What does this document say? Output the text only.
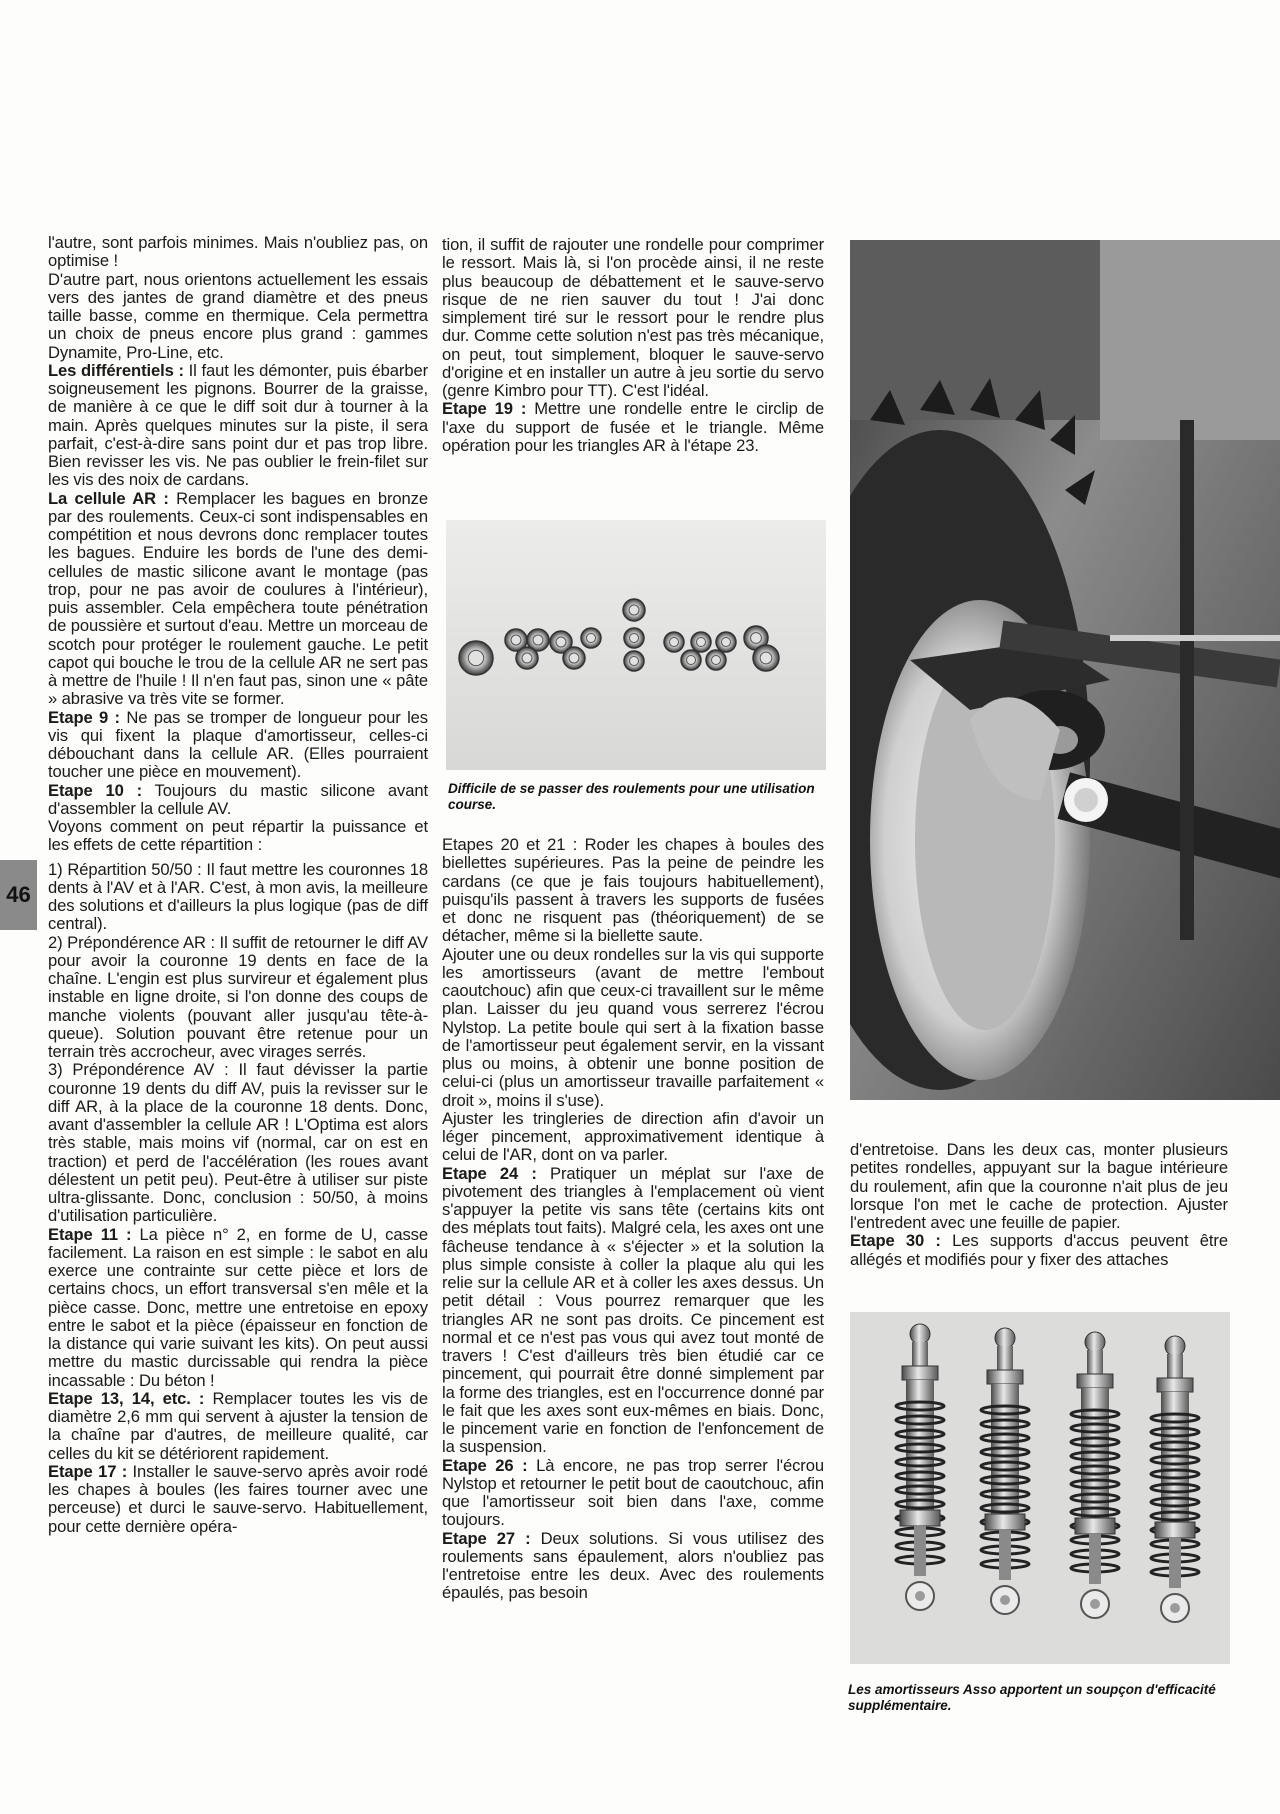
46

l'autre, sont parfois minimes. Mais n'oubliez pas, on optimise !

D'autre part, nous orientons actuellement les essais vers des jantes de grand diamètre et des pneus taille basse, comme en thermique. Cela permettra un choix de pneus encore plus grand : gammes Dynamite, Pro-Line, etc.

Les différentiels : Il faut les démonter, puis ébarber soigneusement les pignons. Bourrer de la graisse, de manière à ce que le diff soit dur à tourner à la main. Après quelques minutes sur la piste, il sera parfait, c'est-à-dire sans point dur et pas trop libre. Bien revisser les vis. Ne pas oublier le frein-filet sur les vis des noix de cardans.

La cellule AR : Remplacer les bagues en bronze par des roulements. Ceux-ci sont indispensables en compétition et nous devrons donc remplacer toutes les bagues. Enduire les bords de l'une des demi-cellules de mastic silicone avant le montage (pas trop, pour ne pas avoir de coulures à l'intérieur), puis assembler. Cela empêchera toute pénétration de poussière et surtout d'eau. Mettre un morceau de scotch pour protéger le roulement gauche. Le petit capot qui bouche le trou de la cellule AR ne sert pas à mettre de l'huile ! Il n'en faut pas, sinon une « pâte » abrasive va très vite se former.

Etape 9 : Ne pas se tromper de longueur pour les vis qui fixent la plaque d'amortisseur, celles-ci débouchant dans la cellule AR. (Elles pourraient toucher une pièce en mouvement).

Etape 10 : Toujours du mastic silicone avant d'assembler la cellule AV.

Voyons comment on peut répartir la puissance et les effets de cette répartition :

1) Répartition 50/50 : Il faut mettre les couronnes 18 dents à l'AV et à l'AR. C'est, à mon avis, la meilleure des solutions et d'ailleurs la plus logique (pas de diff central).

2) Prépondérence AR : Il suffit de retourner le diff AV pour avoir la couronne 19 dents en face de la chaîne. L'engin est plus survireur et également plus instable en ligne droite, si l'on donne des coups de manche violents (pouvant aller jusqu'au tête-à-queue). Solution pouvant être retenue pour un terrain très accrocheur, avec virages serrés.

3) Prépondérence AV : Il faut dévisser la partie couronne 19 dents du diff AV, puis la revisser sur le diff AR, à la place de la couronne 18 dents. Donc, avant d'assembler la cellule AR ! L'Optima est alors très stable, mais moins vif (normal, car on est en traction) et perd de l'accélération (les roues avant délestent un petit peu). Peut-être à utiliser sur piste ultra-glissante. Donc, conclusion : 50/50, à moins d'utilisation particulière.

Etape 11 : La pièce n° 2, en forme de U, casse facilement. La raison en est simple : le sabot en alu exerce une contrainte sur cette pièce et lors de certains chocs, un effort transversal s'en mêle et la pièce casse. Donc, mettre une entretoise en epoxy entre le sabot et la pièce (épaisseur en fonction de la distance qui varie suivant les kits). On peut aussi mettre du mastic durcissable qui rendra la pièce incassable : Du béton !

Etape 13, 14, etc. : Remplacer toutes les vis de diamètre 2,6 mm qui servent à ajuster la tension de la chaîne par d'autres, de meilleure qualité, car celles du kit se détériorent rapidement.

Etape 17 : Installer le sauve-servo après avoir rodé les chapes à boules (les faires tourner avec une perceuse) et durci le sauve-servo. Habituellement, pour cette dernière opéra-

tion, il suffit de rajouter une rondelle pour comprimer le ressort. Mais là, si l'on procède ainsi, il ne reste plus beaucoup de débattement et le sauve-servo risque de ne rien sauver du tout ! J'ai donc simplement tiré sur le ressort pour le rendre plus dur. Comme cette solution n'est pas très mécanique, on peut, tout simplement, bloquer le sauve-servo d'origine et en installer un autre à jeu sortie du servo (genre Kimbro pour TT). C'est l'idéal.

Etape 19 : Mettre une rondelle entre le circlip de l'axe du support de fusée et le triangle. Même opération pour les triangles AR à l'étape 23.

Etapes 20 et 21 : Roder les chapes à boules des biellettes supérieures. Pas la peine de peindre les cardans (ce que je fais toujours habituellement), puisqu'ils passent à travers les supports de fusées et donc ne risquent pas (théoriquement) de se détacher, même si la biellette saute.

Ajouter une ou deux rondelles sur la vis qui supporte les amortisseurs (avant de mettre l'embout caoutchouc) afin que ceux-ci travaillent sur le même plan. Laisser du jeu quand vous serrerez l'écrou Nylstop. La petite boule qui sert à la fixation basse de l'amortisseur peut également servir, en la vissant plus ou moins, à obtenir une bonne position de celui-ci (plus un amortisseur travaille parfaitement « droit », moins il s'use).

Ajuster les tringleries de direction afin d'avoir un léger pincement, approximativement identique à celui de l'AR, dont on va parler.

Etape 24 : Pratiquer un méplat sur l'axe de pivotement des triangles à l'emplacement où vient s'appuyer la petite vis sans tête (certains kits ont des méplats tout faits). Malgré cela, les axes ont une fâcheuse tendance à « s'éjecter » et la solution la plus simple consiste à coller la plaque alu qui les relie sur la cellule AR et à coller les axes dessus. Un petit détail : Vous pourrez remarquer que les triangles AR ne sont pas droits. Ce pincement est normal et ce n'est pas vous qui avez tout monté de travers ! C'est d'ailleurs très bien étudié car ce pincement, qui pourrait être donné simplement par la forme des triangles, est en l'occurrence donné par le fait que les axes sont eux-mêmes en biais. Donc, le pincement varie en fonction de l'enfoncement de la suspension.

Etape 26 : Là encore, ne pas trop serrer l'écrou Nylstop et retourner le petit bout de caoutchouc, afin que l'amortisseur soit bien dans l'axe, comme toujours.

Etape 27 : Deux solutions. Si vous utilisez des roulements sans épaulement, alors n'oubliez pas l'entretoise entre les deux. Avec des roulements épaulés, pas besoin

d'entretoise. Dans les deux cas, monter plusieurs petites rondelles, appuyant sur la bague intérieure du roulement, afin que la couronne n'ait plus de jeu lorsque l'on met le cache de protection. Ajuster l'entredent avec une feuille de papier.

Etape 30 : Les supports d'accus peuvent être allégés et modifiés pour y fixer des attaches

Difficile de se passer des roulements pour une utilisation course.
Les amortisseurs Asso apportent un soupçon d'efficacité supplémentaire.
